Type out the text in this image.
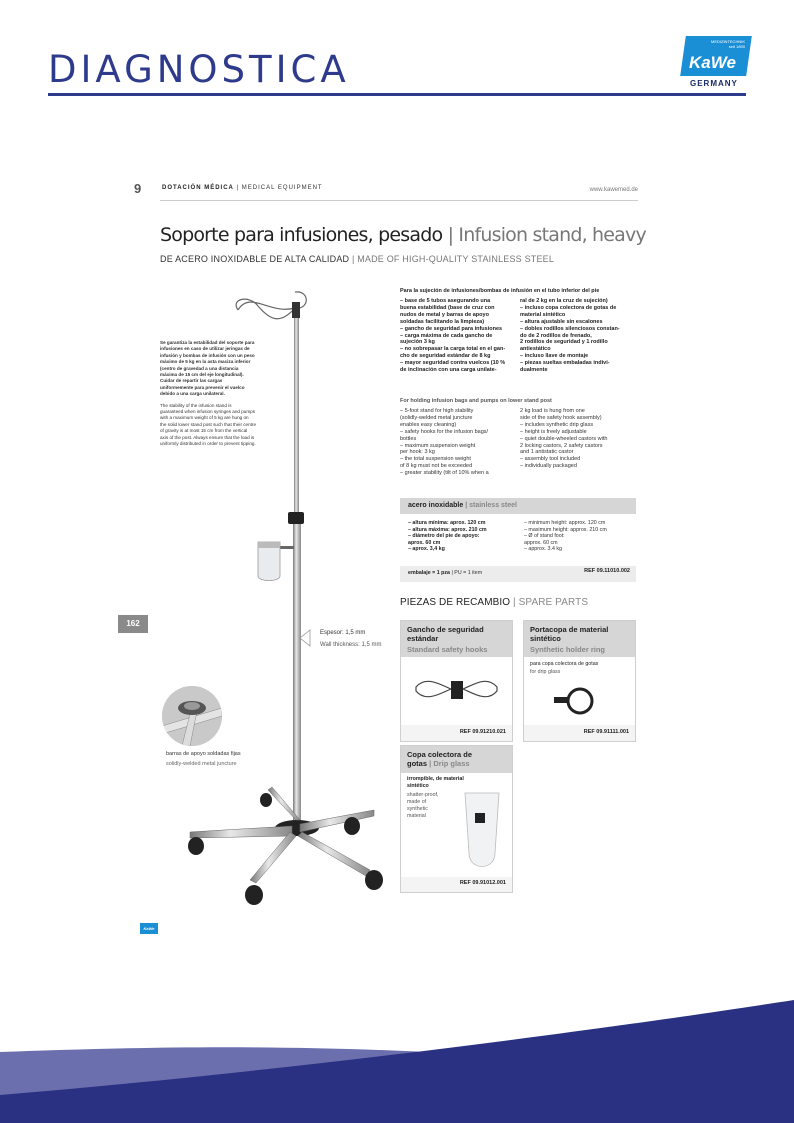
DIAGNOSTICA
MEDIZINTECHNIK
seit 1890
KaWe
GERMANY
9	DOTACIÓN MÉDICA | MEDICAL EQUIPMENT	www.kawemed.de
Soporte para infusiones, pesado | Infusion stand, heavy
DE ACERO INOXIDABLE DE ALTA CALIDAD | MADE OF HIGH-QUALITY STAINLESS STEEL
Se garantiza la estabilidad del soporte para infusiones en caso de utilizar jeringas de infusión y bombas de infusión con un peso máximo de 5 kg en la asta maciza inferior (centro de gravedad a una distancia máxima de 15 cm del eje longitudinal). Cuidar de repartir las cargas uniformemente para prevenir el vuelco debido a una carga unilateral.
The stability of the infusion stand is guaranteed when infusion syringes and pumps with a maximum weight of 5 kg are hung on the solid lower stand post such that their centre of gravity is at most 15 cm from the vertical axis of the post. Always ensure that the load is uniformly distributed in order to prevent tipping.
162
Espesor: 1,5 mm
Wall thickness: 1,5 mm
barras de apoyo soldadas fijas
solidly-welded metal juncture
Para la sujeción de infusiones/bombas de infusión en el tubo inferior del pie
– base de 5 tubos asegurando una
buena estabilidad (base de cruz con
nudos de metal y barras de apoyo
soldadas facilitando la limpieza)
– gancho de seguridad para infusiones
– carga máxima de cada gancho de
sujeción 3 kg
– no sobrepasar la carga total en el gan-
cho de seguridad estándar de 8 kg
– mayor seguridad contra vuelcos (10 %
de inclinación con una carga unilate-
ral de 2 kg en la cruz de sujeción)
– incluso copa colectora de gotas de
material sintético
– altura ajustable sin escalones
– dobles rodillos silenciosos constan-
do de 2 rodillos de frenado,
2 rodillos de seguridad y 1 rodillo
antiestático
– incluso llave de montaje
– piezas sueltas embaladas indivi-
dualmente
For holding infusion bags and pumps on lower stand post
– 5-foot stand for high stability
(solidly-welded metal juncture
enables easy cleaning)
– safety hooks for the infusion bags/
bottles
– maximum suspension weight
per hook: 3 kg
– the total suspension weight
of 8 kg must not be exceeded
– greater stability (tilt of 10% when a
2 kg load is hung from one
side of the safety hook assembly)
– includes synthetic drip glass
– height is freely adjustable
– quiet double-wheeled castors with
2 locking castors, 2 safety castors
and 1 antistatic castor
– assembly tool included
– individually packaged
acero inoxidable | stainless steel
– altura mínima: aprox. 120 cm
– altura máxima: aprox. 210 cm
– diámetro del pie de apoyo:
aprox. 60 cm
– aprox. 3,4 kg
– minimum height: approx. 120 cm
– maximum height: approx. 210 cm
– Ø of stand foot:
approx. 60 cm
– approx. 3.4 kg
embalaje = 1 pza | PU = 1 item	REF 09.11010.002
PIEZAS DE RECAMBIO | SPARE PARTS
Gancho de seguridad
estándar
Standard safety hooks
REF 09.91210.021
Portacopa de material
sintético
Synthetic holder ring
para copa colectora de gotas
for drip glass
REF 09.91111.001
Copa colectora de
gotas | Drip glass
irrompible, de material
sintético
shatter-proof,
made of
synthetic
material
REF 09.91012.001
KaWe
